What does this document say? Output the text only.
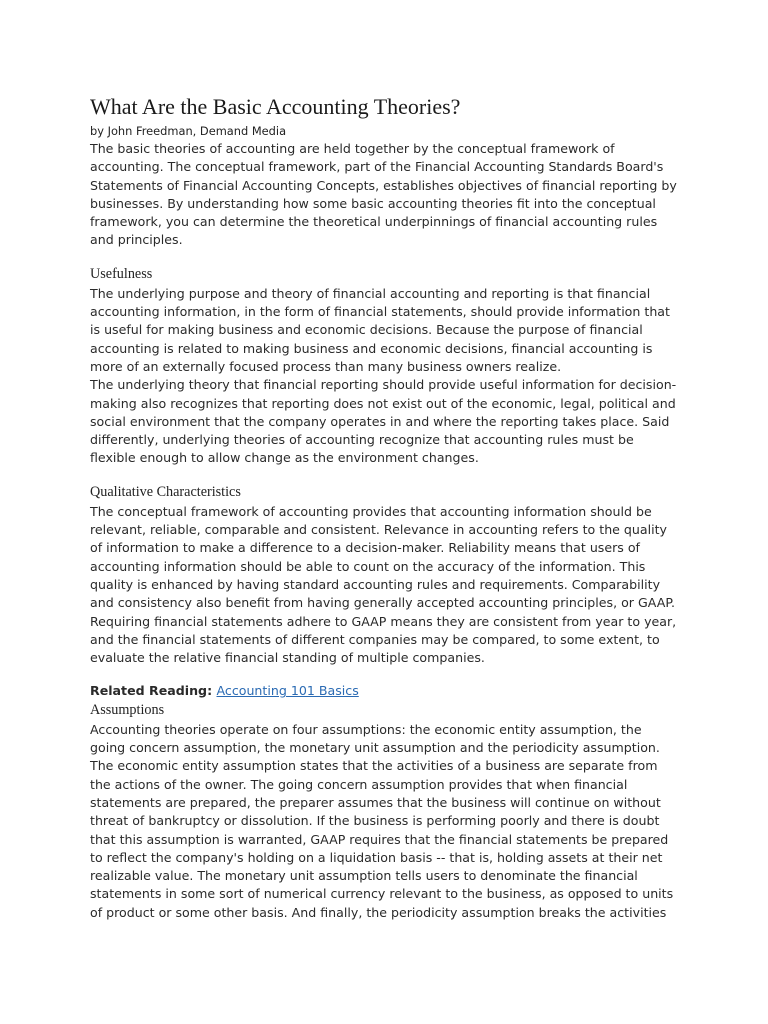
What Are the Basic Accounting Theories?
by John Freedman, Demand Media

The basic theories of accounting are held together by the conceptual framework of accounting. The conceptual framework, part of the Financial Accounting Standards Board's Statements of Financial Accounting Concepts, establishes objectives of financial reporting by businesses. By understanding how some basic accounting theories fit into the conceptual framework, you can determine the theoretical underpinnings of financial accounting rules and principles.

Usefulness

The underlying purpose and theory of financial accounting and reporting is that financial accounting information, in the form of financial statements, should provide information that is useful for making business and economic decisions. Because the purpose of financial accounting is related to making business and economic decisions, financial accounting is more of an externally focused process than many business owners realize.

The underlying theory that financial reporting should provide useful information for decision-making also recognizes that reporting does not exist out of the economic, legal, political and social environment that the company operates in and where the reporting takes place. Said differently, underlying theories of accounting recognize that accounting rules must be flexible enough to allow change as the environment changes.

Qualitative Characteristics

The conceptual framework of accounting provides that accounting information should be relevant, reliable, comparable and consistent. Relevance in accounting refers to the quality of information to make a difference to a decision-maker. Reliability means that users of accounting information should be able to count on the accuracy of the information. This quality is enhanced by having standard accounting rules and requirements. Comparability and consistency also benefit from having generally accepted accounting principles, or GAAP. Requiring financial statements adhere to GAAP means they are consistent from year to year, and the financial statements of different companies may be compared, to some extent, to evaluate the relative financial standing of multiple companies.

Related Reading: Accounting 101 Basics
Assumptions

Accounting theories operate on four assumptions: the economic entity assumption, the going concern assumption, the monetary unit assumption and the periodicity assumption. The economic entity assumption states that the activities of a business are separate from the actions of the owner. The going concern assumption provides that when financial statements are prepared, the preparer assumes that the business will continue on without threat of bankruptcy or dissolution. If the business is performing poorly and there is doubt that this assumption is warranted, GAAP requires that the financial statements be prepared to reflect the company's holding on a liquidation basis -- that is, holding assets at their net realizable value. The monetary unit assumption tells users to denominate the financial statements in some sort of numerical currency relevant to the business, as opposed to units of product or some other basis. And finally, the periodicity assumption breaks the activities
